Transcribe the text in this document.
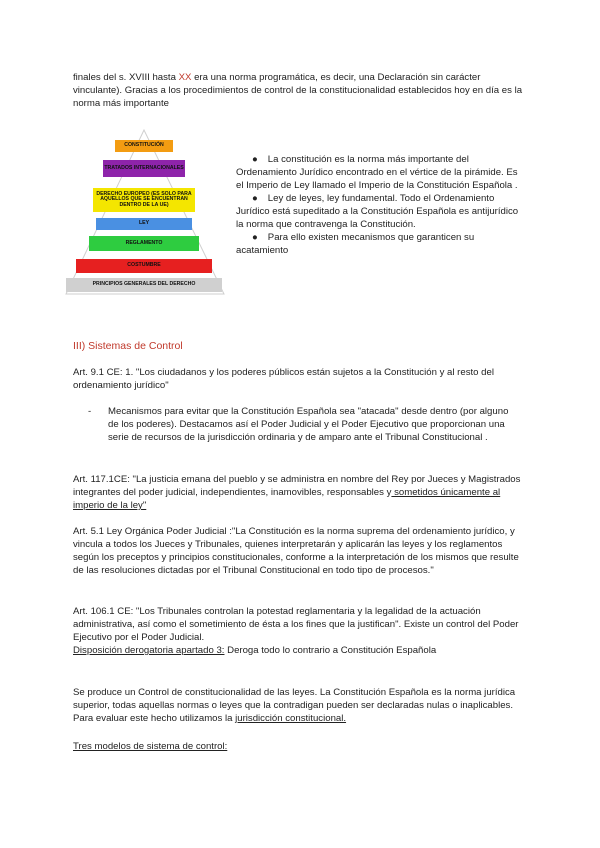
finales del s. XVIII hasta XX era una norma programática, es decir, una Declaración sin carácter vinculante). Gracias a los procedimientos de control de la constitucionalidad establecidos hoy en día es la norma más importante
CONSTITUCIÓN
TRATADOS INTERNACIONALES
DERECHO EUROPEO (ES SOLO PARA AQUELLOS QUE SE ENCUENTRAN DENTRO DE LA UE)
LEY
REGLAMENTO
COSTUMBRE
PRINCIPIOS GENERALES DEL DERECHO
● La constitución es la norma más importante del Ordenamiento Jurídico encontrado en el vértice de la pirámide. Es el Imperio de Ley llamado el Imperio de la Constitución Española .
● Ley de leyes, ley fundamental. Todo el Ordenamiento Jurídico está supeditado a la Constitución Española es antijurídico la norma que contravenga la Constitución.
● Para ello existen mecanismos que garanticen su acatamiento
III) Sistemas de Control
Art. 9.1 CE: 1. "Los ciudadanos y los poderes públicos están sujetos a la Constitución y al resto del ordenamiento jurídico"
-	Mecanismos para evitar que la Constitución Española sea "atacada" desde dentro (por alguno de los poderes). Destacamos así el Poder Judicial y el Poder Ejecutivo que proporcionan una serie de recursos de la jurisdicción ordinaria y de amparo ante el Tribunal Constitucional .
Art. 117.1CE: "La justicia emana del pueblo y se administra en nombre del Rey por Jueces y Magistrados integrantes del poder judicial, independientes, inamovibles, responsables y sometidos únicamente al imperio de la ley"
Art. 5.1 Ley Orgánica Poder Judicial :"La Constitución es la norma suprema del ordenamiento jurídico, y vincula a todos los Jueces y Tribunales, quienes interpretarán y aplicarán las leyes y los reglamentos según los preceptos y principios constitucionales, conforme a la interpretación de los mismos que resulte de las resoluciones dictadas por el Tribunal Constitucional en todo tipo de procesos."
Art. 106.1 CE: "Los Tribunales controlan la potestad reglamentaria y la legalidad de la actuación administrativa, así como el sometimiento de ésta a los fines que la justifican". Existe un control del Poder Ejecutivo por el Poder Judicial.
Disposición derogatoria apartado 3: Deroga todo lo contrario a Constitución Española
Se produce un Control de constitucionalidad de las leyes. La Constitución Española es la norma jurídica superior, todas aquellas normas o leyes que la contradigan pueden ser declaradas nulas o inaplicables. Para evaluar este hecho utilizamos la jurisdicción constitucional.
Tres modelos de sistema de control:
